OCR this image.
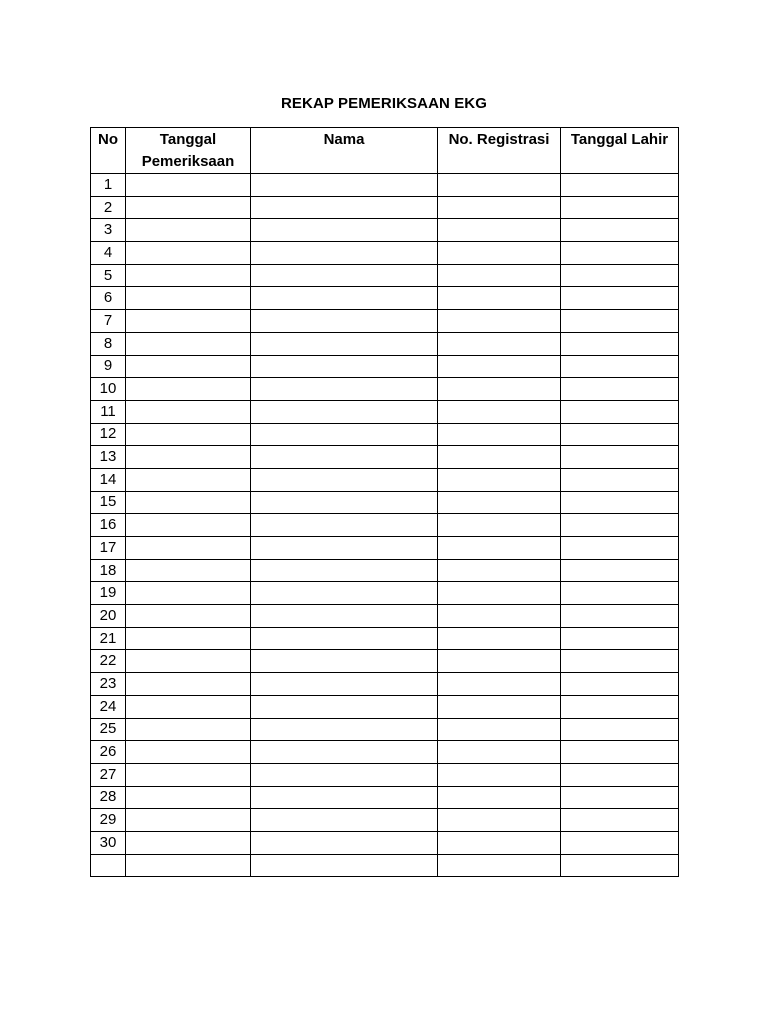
REKAP PEMERIKSAAN EKG
No	Tanggal Pemeriksaan	Nama	No. Registrasi	Tanggal Lahir
1				
2				
3				
4				
5				
6				
7				
8				
9				
10				
11				
12				
13				
14				
15				
16				
17				
18				
19				
20				
21				
22				
23				
24				
25				
26				
27				
28				
29				
30				
